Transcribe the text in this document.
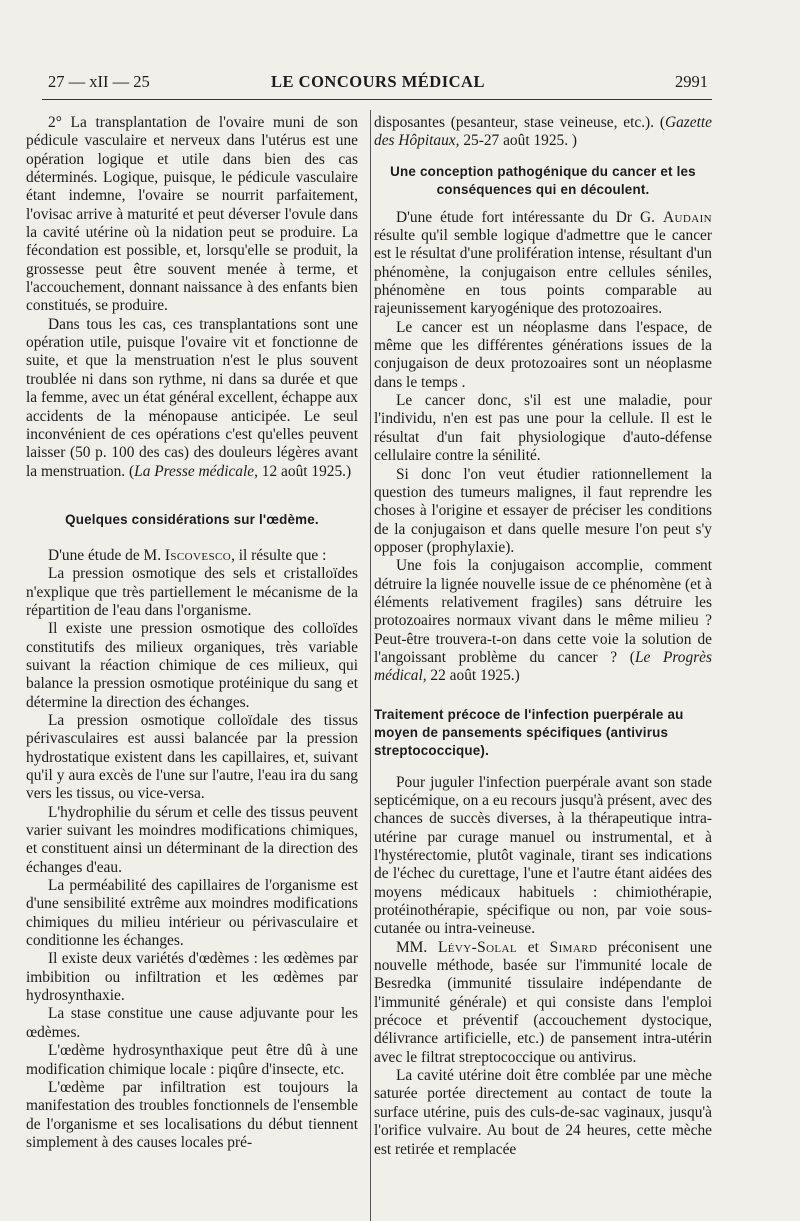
27 — xII — 25	LE CONCOURS MÉDICAL	2991

2° La transplantation de l'ovaire muni de son pédicule vasculaire et nerveux dans l'utérus est une opération logique et utile dans bien des cas déterminés. Logique, puisque, le pédicule vasculaire étant indemne, l'ovaire se nourrit parfaitement, l'ovisac arrive à maturité et peut déverser l'ovule dans la cavité utérine où la nidation peut se produire. La fécondation est possible, et, lorsqu'elle se produit, la grossesse peut être souvent menée à terme, et l'accouchement, donnant naissance à des enfants bien constitués, se produire.

Dans tous les cas, ces transplantations sont une opération utile, puisque l'ovaire vit et fonctionne de suite, et que la menstruation n'est le plus souvent troublée ni dans son rythme, ni dans sa durée et que la femme, avec un état général excellent, échappe aux accidents de la ménopause anticipée. Le seul inconvénient de ces opérations c'est qu'elles peuvent laisser (50 p. 100 des cas) des douleurs légères avant la menstruation. (La Presse médicale, 12 août 1925.)

Quelques considérations sur l'œdème.

D'une étude de M. Iscovesco, il résulte que :

La pression osmotique des sels et cristalloïdes n'explique que très partiellement le mécanisme de la répartition de l'eau dans l'organisme.

Il existe une pression osmotique des colloïdes constitutifs des milieux organiques, très variable suivant la réaction chimique de ces milieux, qui balance la pression osmotique protéinique du sang et détermine la direction des échanges.

La pression osmotique colloïdale des tissus périvasculaires est aussi balancée par la pression hydrostatique existent dans les capillaires, et, suivant qu'il y aura excès de l'une sur l'autre, l'eau ira du sang vers les tissus, ou vice-versa.

L'hydrophilie du sérum et celle des tissus peuvent varier suivant les moindres modifications chimiques, et constituent ainsi un déterminant de la direction des échanges d'eau.

La perméabilité des capillaires de l'organisme est d'une sensibilité extrême aux moindres modifications chimiques du milieu intérieur ou périvasculaire et conditionne les échanges.

Il existe deux variétés d'œdèmes : les œdèmes par imbibition ou infiltration et les œdèmes par hydrosynthaxie.

La stase constitue une cause adjuvante pour les œdèmes.

L'œdème hydrosynthaxique peut être dû à une modification chimique locale : piqûre d'insecte, etc.

L'œdème par infiltration est toujours la manifestation des troubles fonctionnels de l'ensemble de l'organisme et ses localisations du début tiennent simplement à des causes locales pré-

disposantes (pesanteur, stase veineuse, etc.). (Gazette des Hôpitaux, 25-27 août 1925. )

Une conception pathogénique du cancer et les conséquences qui en découlent.

D'une étude fort intéressante du Dr G. Audain résulte qu'il semble logique d'admettre que le cancer est le résultat d'une prolifération intense, résultant d'un phénomène, la conjugaison entre cellules séniles, phénomène en tous points comparable au rajeunissement karyogénique des protozoaires.

Le cancer est un néoplasme dans l'espace, de même que les différentes générations issues de la conjugaison de deux protozoaires sont un néoplasme dans le temps .

Le cancer donc, s'il est une maladie, pour l'individu, n'en est pas une pour la cellule. Il est le résultat d'un fait physiologique d'auto-défense cellulaire contre la sénilité.

Si donc l'on veut étudier rationnellement la question des tumeurs malignes, il faut reprendre les choses à l'origine et essayer de préciser les conditions de la conjugaison et dans quelle mesure l'on peut s'y opposer (prophylaxie).

Une fois la conjugaison accomplie, comment détruire la lignée nouvelle issue de ce phénomène (et à éléments relativement fragiles) sans détruire les protozoaires normaux vivant dans le même milieu ? Peut-être trouvera-t-on dans cette voie la solution de l'angoissant problème du cancer ? (Le Progrès médical, 22 août 1925.)

Traitement précoce de l'infection puerpérale au moyen de pansements spécifiques (antivirus streptococcique).

Pour juguler l'infection puerpérale avant son stade septicémique, on a eu recours jusqu'à présent, avec des chances de succès diverses, à la thérapeutique intra-utérine par curage manuel ou instrumental, et à l'hystérectomie, plutôt vaginale, tirant ses indications de l'échec du curettage, l'une et l'autre étant aidées des moyens médicaux habituels : chimiothérapie, protéinothérapie, spécifique ou non, par voie sous-cutanée ou intra-veineuse.

MM. Lévy-Solal et Simard préconisent une nouvelle méthode, basée sur l'immunité locale de Besredka (immunité tissulaire indépendante de l'immunité générale) et qui consiste dans l'emploi précoce et préventif (accouchement dystocique, délivrance artificielle, etc.) de pansement intra-utérin avec le filtrat streptococcique ou antivirus.

La cavité utérine doit être comblée par une mèche saturée portée directement au contact de toute la surface utérine, puis des culs-de-sac vaginaux, jusqu'à l'orifice vulvaire. Au bout de 24 heures, cette mèche est retirée et remplacée
